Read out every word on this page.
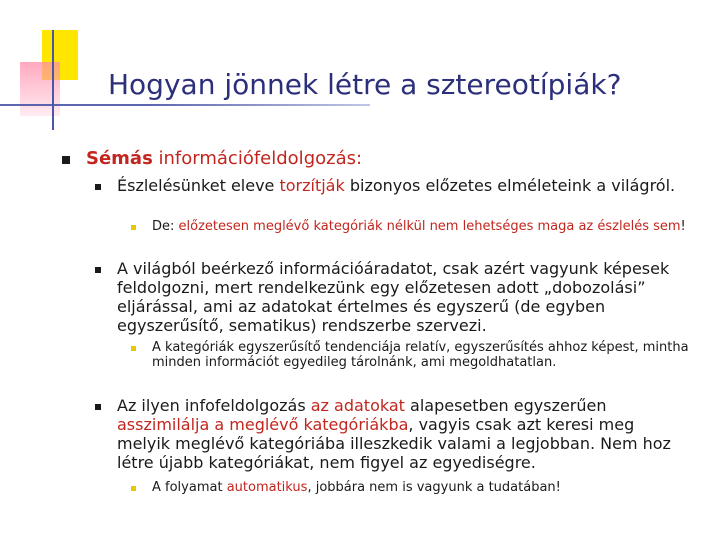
Hogyan jönnek létre a sztereotípiák?
Sémás információfeldolgozás:
Észlelésünket eleve torzítják bizonyos előzetes elméleteink a világról.
De: előzetesen meglévő kategóriák nélkül nem lehetséges maga az észlelés sem!
A világból beérkező információáradatot, csak azért vagyunk képesek feldolgozni, mert rendelkezünk egy előzetesen adott „dobozolási” eljárással, ami az adatokat értelmes és egyszerű (de egyben egyszerűsítő, sematikus) rendszerbe szervezi.
A kategóriák egyszerűsítő tendenciája relatív, egyszerűsítés ahhoz képest, mintha minden információt egyedileg tárolnánk, ami megoldhatatlan.
Az ilyen infofeldolgozás az adatokat alapesetben egyszerűen asszimilálja a meglévő kategóriákba, vagyis csak azt keresi meg melyik meglévő kategóriába illeszkedik valami a legjobban. Nem hoz létre újabb kategóriákat, nem figyel az egyediségre.
A folyamat automatikus, jobbára nem is vagyunk a tudatában!
